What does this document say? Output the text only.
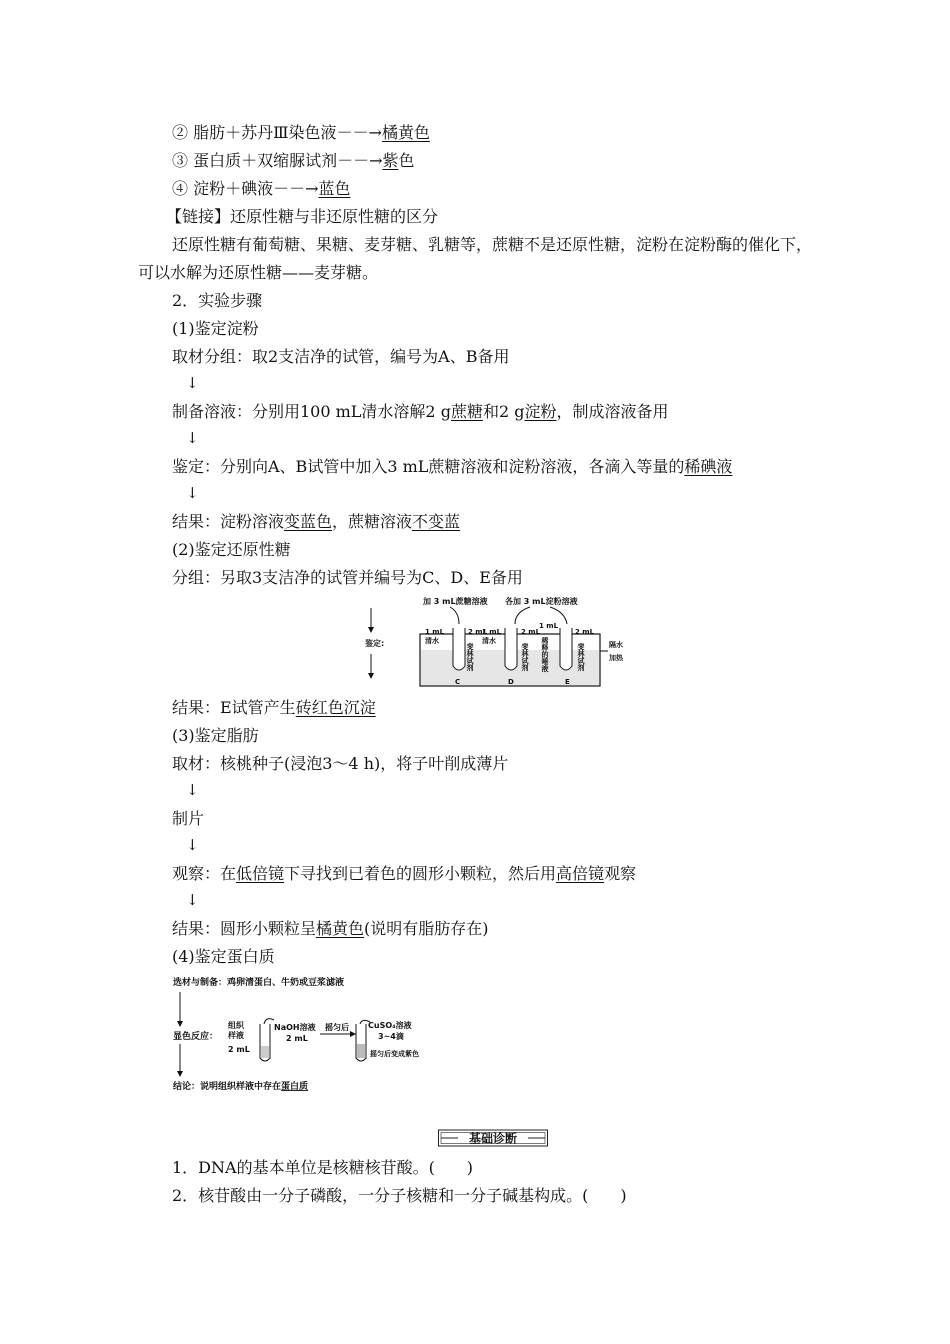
② 脂肪＋苏丹Ⅲ染色液－－→橘黄色
③ 蛋白质＋双缩脲试剂－－→紫色
④ 淀粉＋碘液－－→蓝色
【链接】还原性糖与非还原性糖的区分
还原性糖有葡萄糖、果糖、麦芽糖、乳糖等，蔗糖不是还原性糖，淀粉在淀粉酶的催化下，可以水解为还原性糖——麦芽糖。
2．实验步骤
(1)鉴定淀粉
取材分组：取2支洁净的试管，编号为A、B备用
↓
制备溶液：分别用100 mL清水溶解2 g蔗糖和2 g淀粉，制成溶液备用
↓
鉴定：分别向A、B试管中加入3 mL蔗糖溶液和淀粉溶液，各滴入等量的稀碘液
↓
结果：淀粉溶液变蓝色，蔗糖溶液不变蓝
(2)鉴定还原性糖
分组：另取3支洁净的试管并编号为C、D、E备用
加 3 mL蔗糖溶液 各加 3 mL淀粉溶液
鉴定:
1 mL
清水
2 mL
斐林试剂
1 mL
清水
2 mL
斐林试剂
1 mL
稀释的唾液
2 mL
斐林试剂
C	D	E
隔水
加热
结果：E试管产生砖红色沉淀
(3)鉴定脂肪
取材：核桃种子(浸泡3～4 h)，将子叶削成薄片
↓
制片
↓
观察：在低倍镜下寻找到已着色的圆形小颗粒，然后用高倍镜观察
↓
结果：圆形小颗粒呈橘黄色(说明有脂肪存在)
(4)鉴定蛋白质
选材与制备：鸡卵清蛋白、牛奶或豆浆滤液
显色反应：
结论：说明组织样液中存在蛋白质
组织
样液
2 mL
NaOH溶液
2 mL
摇匀后 CuSO₄溶液
3~4滴
摇匀后变成紫色
基础诊断
1．DNA的基本单位是核糖核苷酸。(　　)
2．核苷酸由一分子磷酸，一分子核糖和一分子碱基构成。(　　)
